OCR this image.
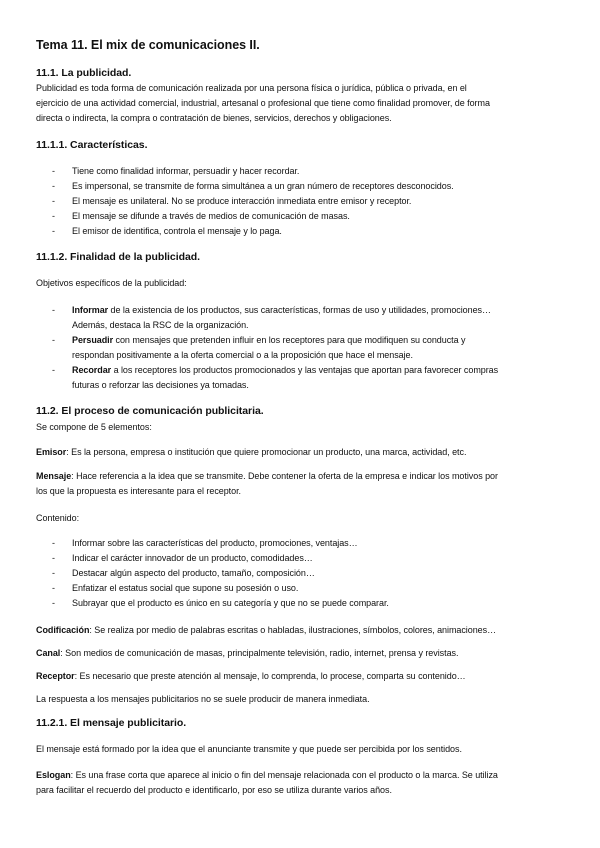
Tema 11. El mix de comunicaciones II.
11.1. La publicidad.
Publicidad es toda forma de comunicación realizada por una persona física o jurídica, pública o privada, en el
ejercicio de una actividad comercial, industrial, artesanal o profesional que tiene como finalidad promover, de forma
directa o indirecta, la compra o contratación de bienes, servicios, derechos y obligaciones.
11.1.1. Características.
- Tiene como finalidad informar, persuadir y hacer recordar.
- Es impersonal, se transmite de forma simultánea a un gran número de receptores desconocidos.
- El mensaje es unilateral. No se produce interacción inmediata entre emisor y receptor.
- El mensaje se difunde a través de medios de comunicación de masas.
- El emisor de identifica, controla el mensaje y lo paga.
11.1.2. Finalidad de la publicidad.
Objetivos específicos de la publicidad:
- Informar de la existencia de los productos, sus características, formas de uso y utilidades, promociones…
Además, destaca la RSC de la organización.
- Persuadir con mensajes que pretenden influir en los receptores para que modifiquen su conducta y
respondan positivamente a la oferta comercial o a la proposición que hace el mensaje.
- Recordar a los receptores los productos promocionados y las ventajas que aportan para favorecer compras
futuras o reforzar las decisiones ya tomadas.
11.2. El proceso de comunicación publicitaria.
Se compone de 5 elementos:
Emisor: Es la persona, empresa o institución que quiere promocionar un producto, una marca, actividad, etc.
Mensaje: Hace referencia a la idea que se transmite. Debe contener la oferta de la empresa e indicar los motivos por
los que la propuesta es interesante para el receptor.
Contenido:
- Informar sobre las características del producto, promociones, ventajas…
- Indicar el carácter innovador de un producto, comodidades…
- Destacar algún aspecto del producto, tamaño, composición…
- Enfatizar el estatus social que supone su posesión o uso.
- Subrayar que el producto es único en su categoría y que no se puede comparar.
Codificación: Se realiza por medio de palabras escritas o habladas, ilustraciones, símbolos, colores, animaciones…
Canal: Son medios de comunicación de masas, principalmente televisión, radio, internet, prensa y revistas.
Receptor: Es necesario que preste atención al mensaje, lo comprenda, lo procese, comparta su contenido…
La respuesta a los mensajes publicitarios no se suele producir de manera inmediata.
11.2.1. El mensaje publicitario.
El mensaje está formado por la idea que el anunciante transmite y que puede ser percibida por los sentidos.
Eslogan: Es una frase corta que aparece al inicio o fin del mensaje relacionada con el producto o la marca. Se utiliza
para facilitar el recuerdo del producto e identificarlo, por eso se utiliza durante varios años.
